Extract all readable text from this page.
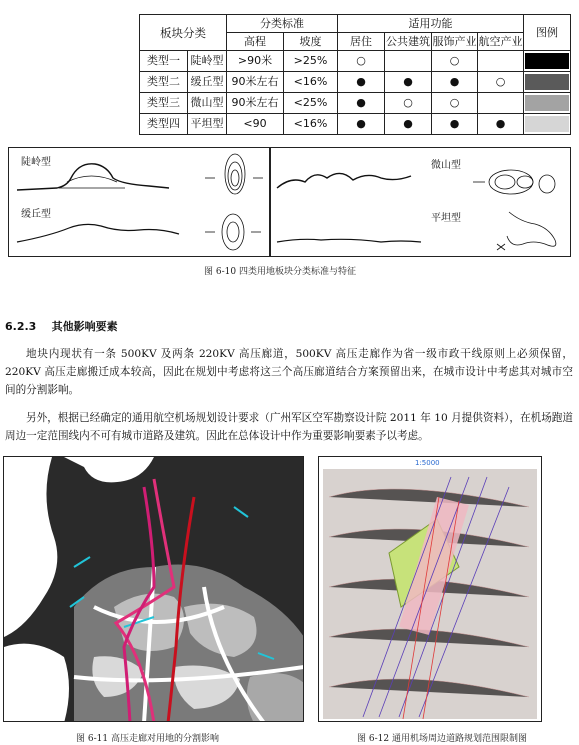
板块分类		分类标准		适用功能				图例
		高程	坡度	居住	公共建筑	服饰产业	航空产业	
类型一	陡岭型	>90米	>25%	○		○		

类型二	缓丘型	90米左右	<16%	●	●	●	○	

类型三	微山型	90米左右	<25%	●	○	○		

类型四	平坦型	<90	<16%	●	●	●	●	
陡岭型
缓丘型
微山型
平坦型
图 6-10 四类用地板块分类标准与特征
6.2.3 其他影响要素
地块内现状有一条 500KV 及两条 220KV 高压廊道，500KV 高压走廊作为省一级市政干线原则上必须保留，220KV 高压走廊搬迁成本较高，因此在规划中考虑将这三个高压廊道结合方案预留出来，在城市设计中考虑其对城市空间的分割影响。
另外，根据已经确定的通用航空机场规划设计要求（广州军区空军勘察设计院 2011 年 10 月提供资料），在机场跑道周边一定范围线内不可有城市道路及建筑。因此在总体设计中作为重要影响要素予以考虑。
1:5000
图 6-11 高压走廊对用地的分割影响	图 6-12 通用机场周边道路规划范围限制图
